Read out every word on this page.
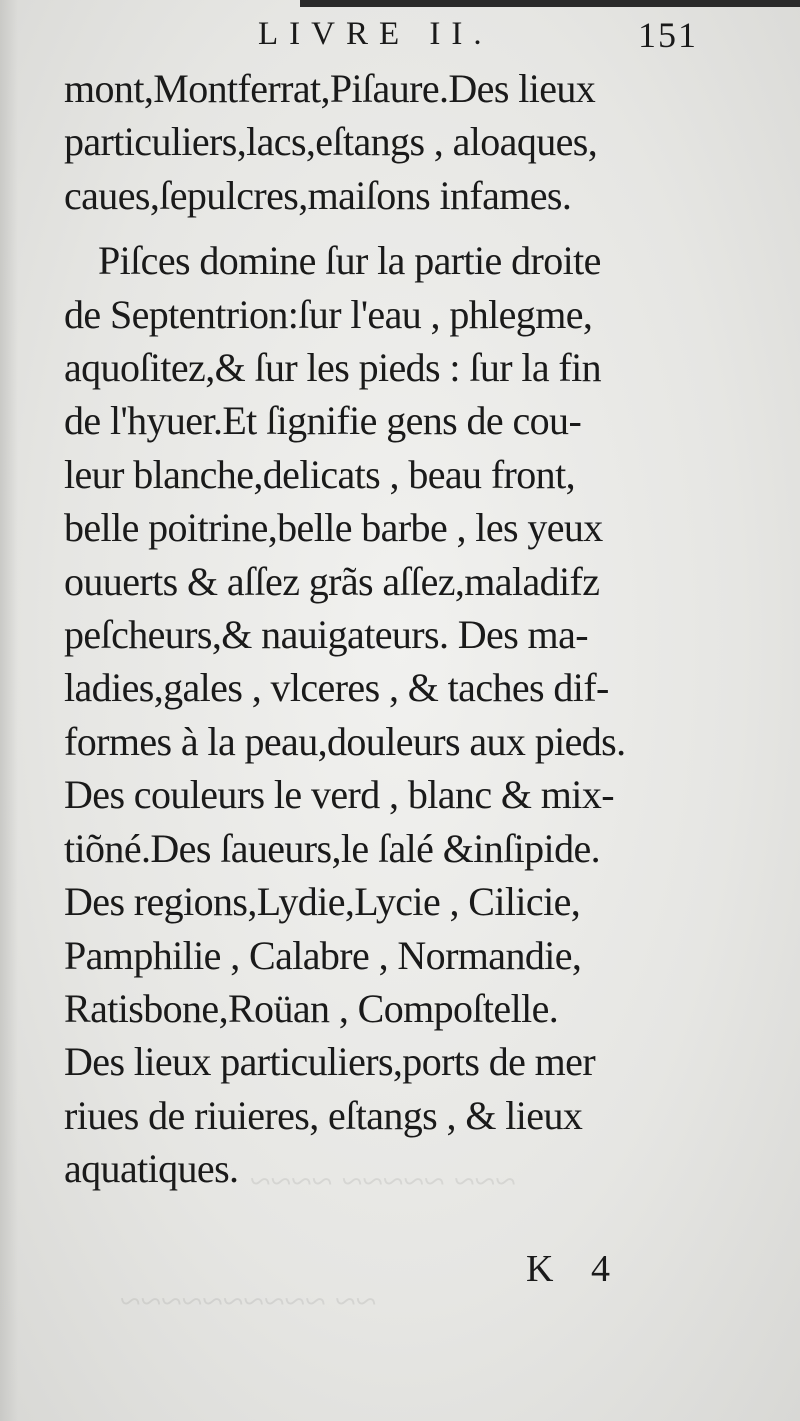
~~~ ~~~~~ ~~~~
~~ ~~~~~~~~~~
LIVRE II.	151
mont,Montferrat,Piſaure.Des lieux
particuliers,lacs,eſtangs , aloaques,
caues,ſepulcres,maiſons infames.
Piſces domine ſur la partie droite
de Septentrion:ſur l'eau , phlegme,
aquoſitez,& ſur les pieds : ſur la fin
de l'hyuer.Et ſignifie gens de cou-
leur blanche,delicats , beau front,
belle poitrine,belle barbe , les yeux
ouuerts & aſſez grãs aſſez,maladifz
peſcheurs,& nauigateurs. Des ma-
ladies,gales , vlceres , & taches dif-
formes à la peau,douleurs aux pieds.
Des couleurs le verd , blanc & mix-
tiõné.Des ſaueurs,le ſalé &inſipide.
Des regions,Lydie,Lycie , Cilicie,
Pamphilie , Calabre , Normandie,
Ratisbone,Roüan , Compoſtelle.
Des lieux particuliers,ports de mer
riues de riuieres, eſtangs , & lieux
aquatiques.
K 4
